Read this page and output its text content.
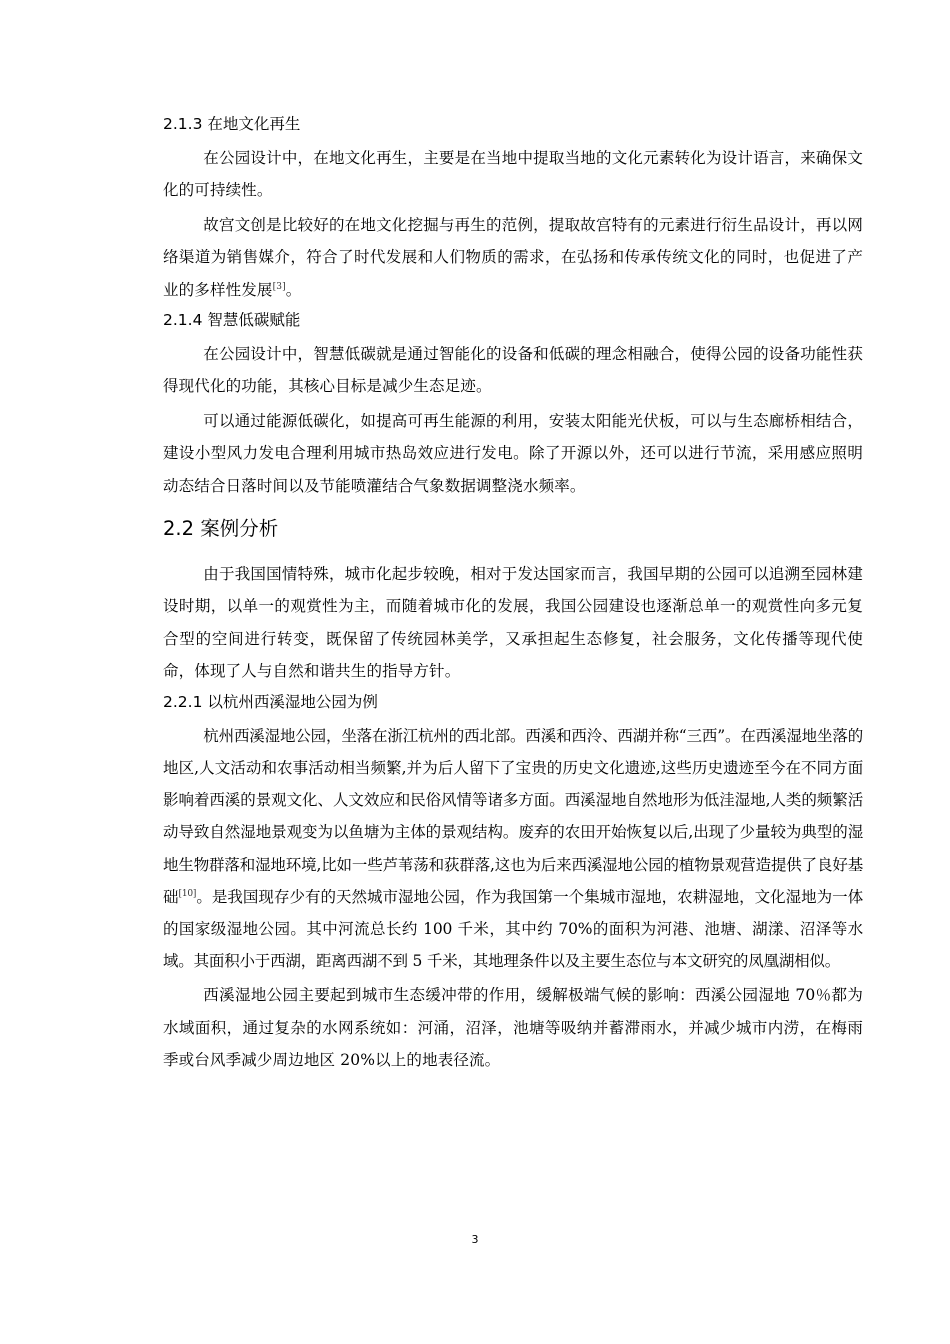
2.1.3 在地文化再生

在公园设计中，在地文化再生，主要是在当地中提取当地的文化元素转化为设计语言，来确保文化的可持续性。

故宫文创是比较好的在地文化挖掘与再生的范例，提取故宫特有的元素进行衍生品设计，再以网络渠道为销售媒介，符合了时代发展和人们物质的需求，在弘扬和传承传统文化的同时，也促进了产业的多样性发展[3]。

2.1.4 智慧低碳赋能

在公园设计中，智慧低碳就是通过智能化的设备和低碳的理念相融合，使得公园的设备功能性获得现代化的功能，其核心目标是减少生态足迹。

可以通过能源低碳化，如提高可再生能源的利用，安装太阳能光伏板，可以与生态廊桥相结合，建设小型风力发电合理利用城市热岛效应进行发电。除了开源以外，还可以进行节流，采用感应照明动态结合日落时间以及节能喷灌结合气象数据调整浇水频率。

2.2 案例分析

由于我国国情特殊，城市化起步较晚，相对于发达国家而言，我国早期的公园可以追溯至园林建设时期，以单一的观赏性为主，而随着城市化的发展，我国公园建设也逐渐总单一的观赏性向多元复合型的空间进行转变，既保留了传统园林美学，又承担起生态修复，社会服务，文化传播等现代使命，体现了人与自然和谐共生的指导方针。

2.2.1 以杭州西溪湿地公园为例

杭州西溪湿地公园，坐落在浙江杭州的西北部。西溪和西泠、西湖并称“三西”。在西溪湿地坐落的地区,人文活动和农事活动相当频繁,并为后人留下了宝贵的历史文化遗迹,这些历史遗迹至今在不同方面影响着西溪的景观文化、人文效应和民俗风情等诸多方面。西溪湿地自然地形为低洼湿地,人类的频繁活动导致自然湿地景观变为以鱼塘为主体的景观结构。废弃的农田开始恢复以后,出现了少量较为典型的湿地生物群落和湿地环境,比如一些芦苇荡和荻群落,这也为后来西溪湿地公园的植物景观营造提供了良好基础[10]。是我国现存少有的天然城市湿地公园，作为我国第一个集城市湿地，农耕湿地，文化湿地为一体的国家级湿地公园。其中河流总长约 100 千米，其中约 70%的面积为河港、池塘、湖漾、沼泽等水域。其面积小于西湖，距离西湖不到 5 千米，其地理条件以及主要生态位与本文研究的凤凰湖相似。

西溪湿地公园主要起到城市生态缓冲带的作用，缓解极端气候的影响：西溪公园湿地 70％都为水域面积，通过复杂的水网系统如：河涌，沼泽，池塘等吸纳并蓄滞雨水，并减少城市内涝，在梅雨季或台风季减少周边地区 20%以上的地表径流。

3
